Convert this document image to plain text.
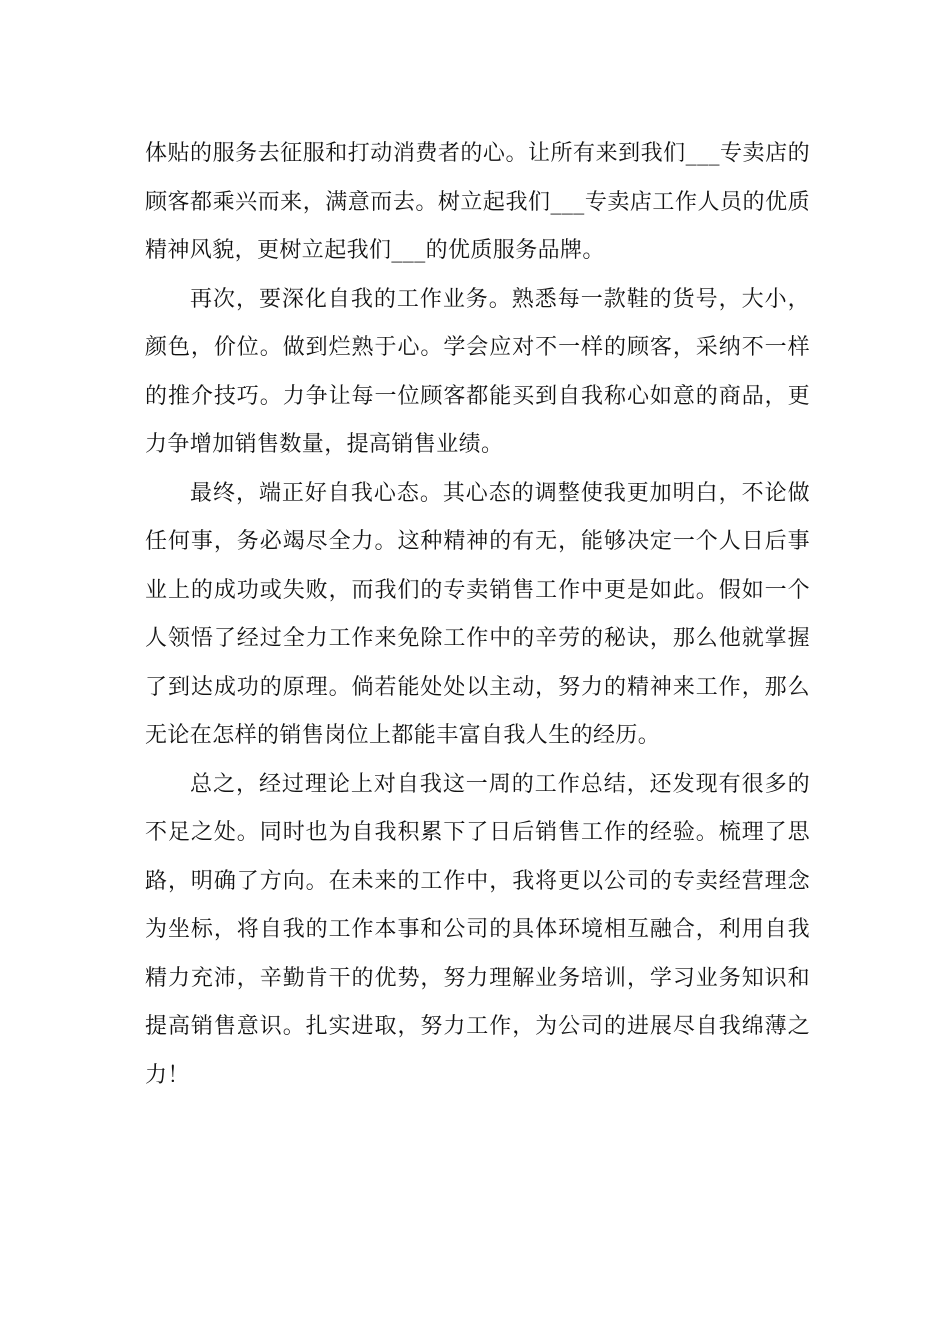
体贴的服务去征服和打动消费者的心。让所有来到我们___专卖店的顾客都乘兴而来，满意而去。树立起我们___专卖店工作人员的优质精神风貌，更树立起我们___的优质服务品牌。

再次，要深化自我的工作业务。熟悉每一款鞋的货号，大小，颜色，价位。做到烂熟于心。学会应对不一样的顾客，采纳不一样的推介技巧。力争让每一位顾客都能买到自我称心如意的商品，更力争增加销售数量，提高销售业绩。

最终，端正好自我心态。其心态的调整使我更加明白，不论做任何事，务必竭尽全力。这种精神的有无，能够决定一个人日后事业上的成功或失败，而我们的专卖销售工作中更是如此。假如一个人领悟了经过全力工作来免除工作中的辛劳的秘诀，那么他就掌握了到达成功的原理。倘若能处处以主动，努力的精神来工作，那么无论在怎样的销售岗位上都能丰富自我人生的经历。

总之，经过理论上对自我这一周的工作总结，还发现有很多的不足之处。同时也为自我积累下了日后销售工作的经验。梳理了思路，明确了方向。在未来的工作中，我将更以公司的专卖经营理念为坐标，将自我的工作本事和公司的具体环境相互融合，利用自我精力充沛，辛勤肯干的优势，努力理解业务培训，学习业务知识和提高销售意识。扎实进取，努力工作，为公司的进展尽自我绵薄之力！
